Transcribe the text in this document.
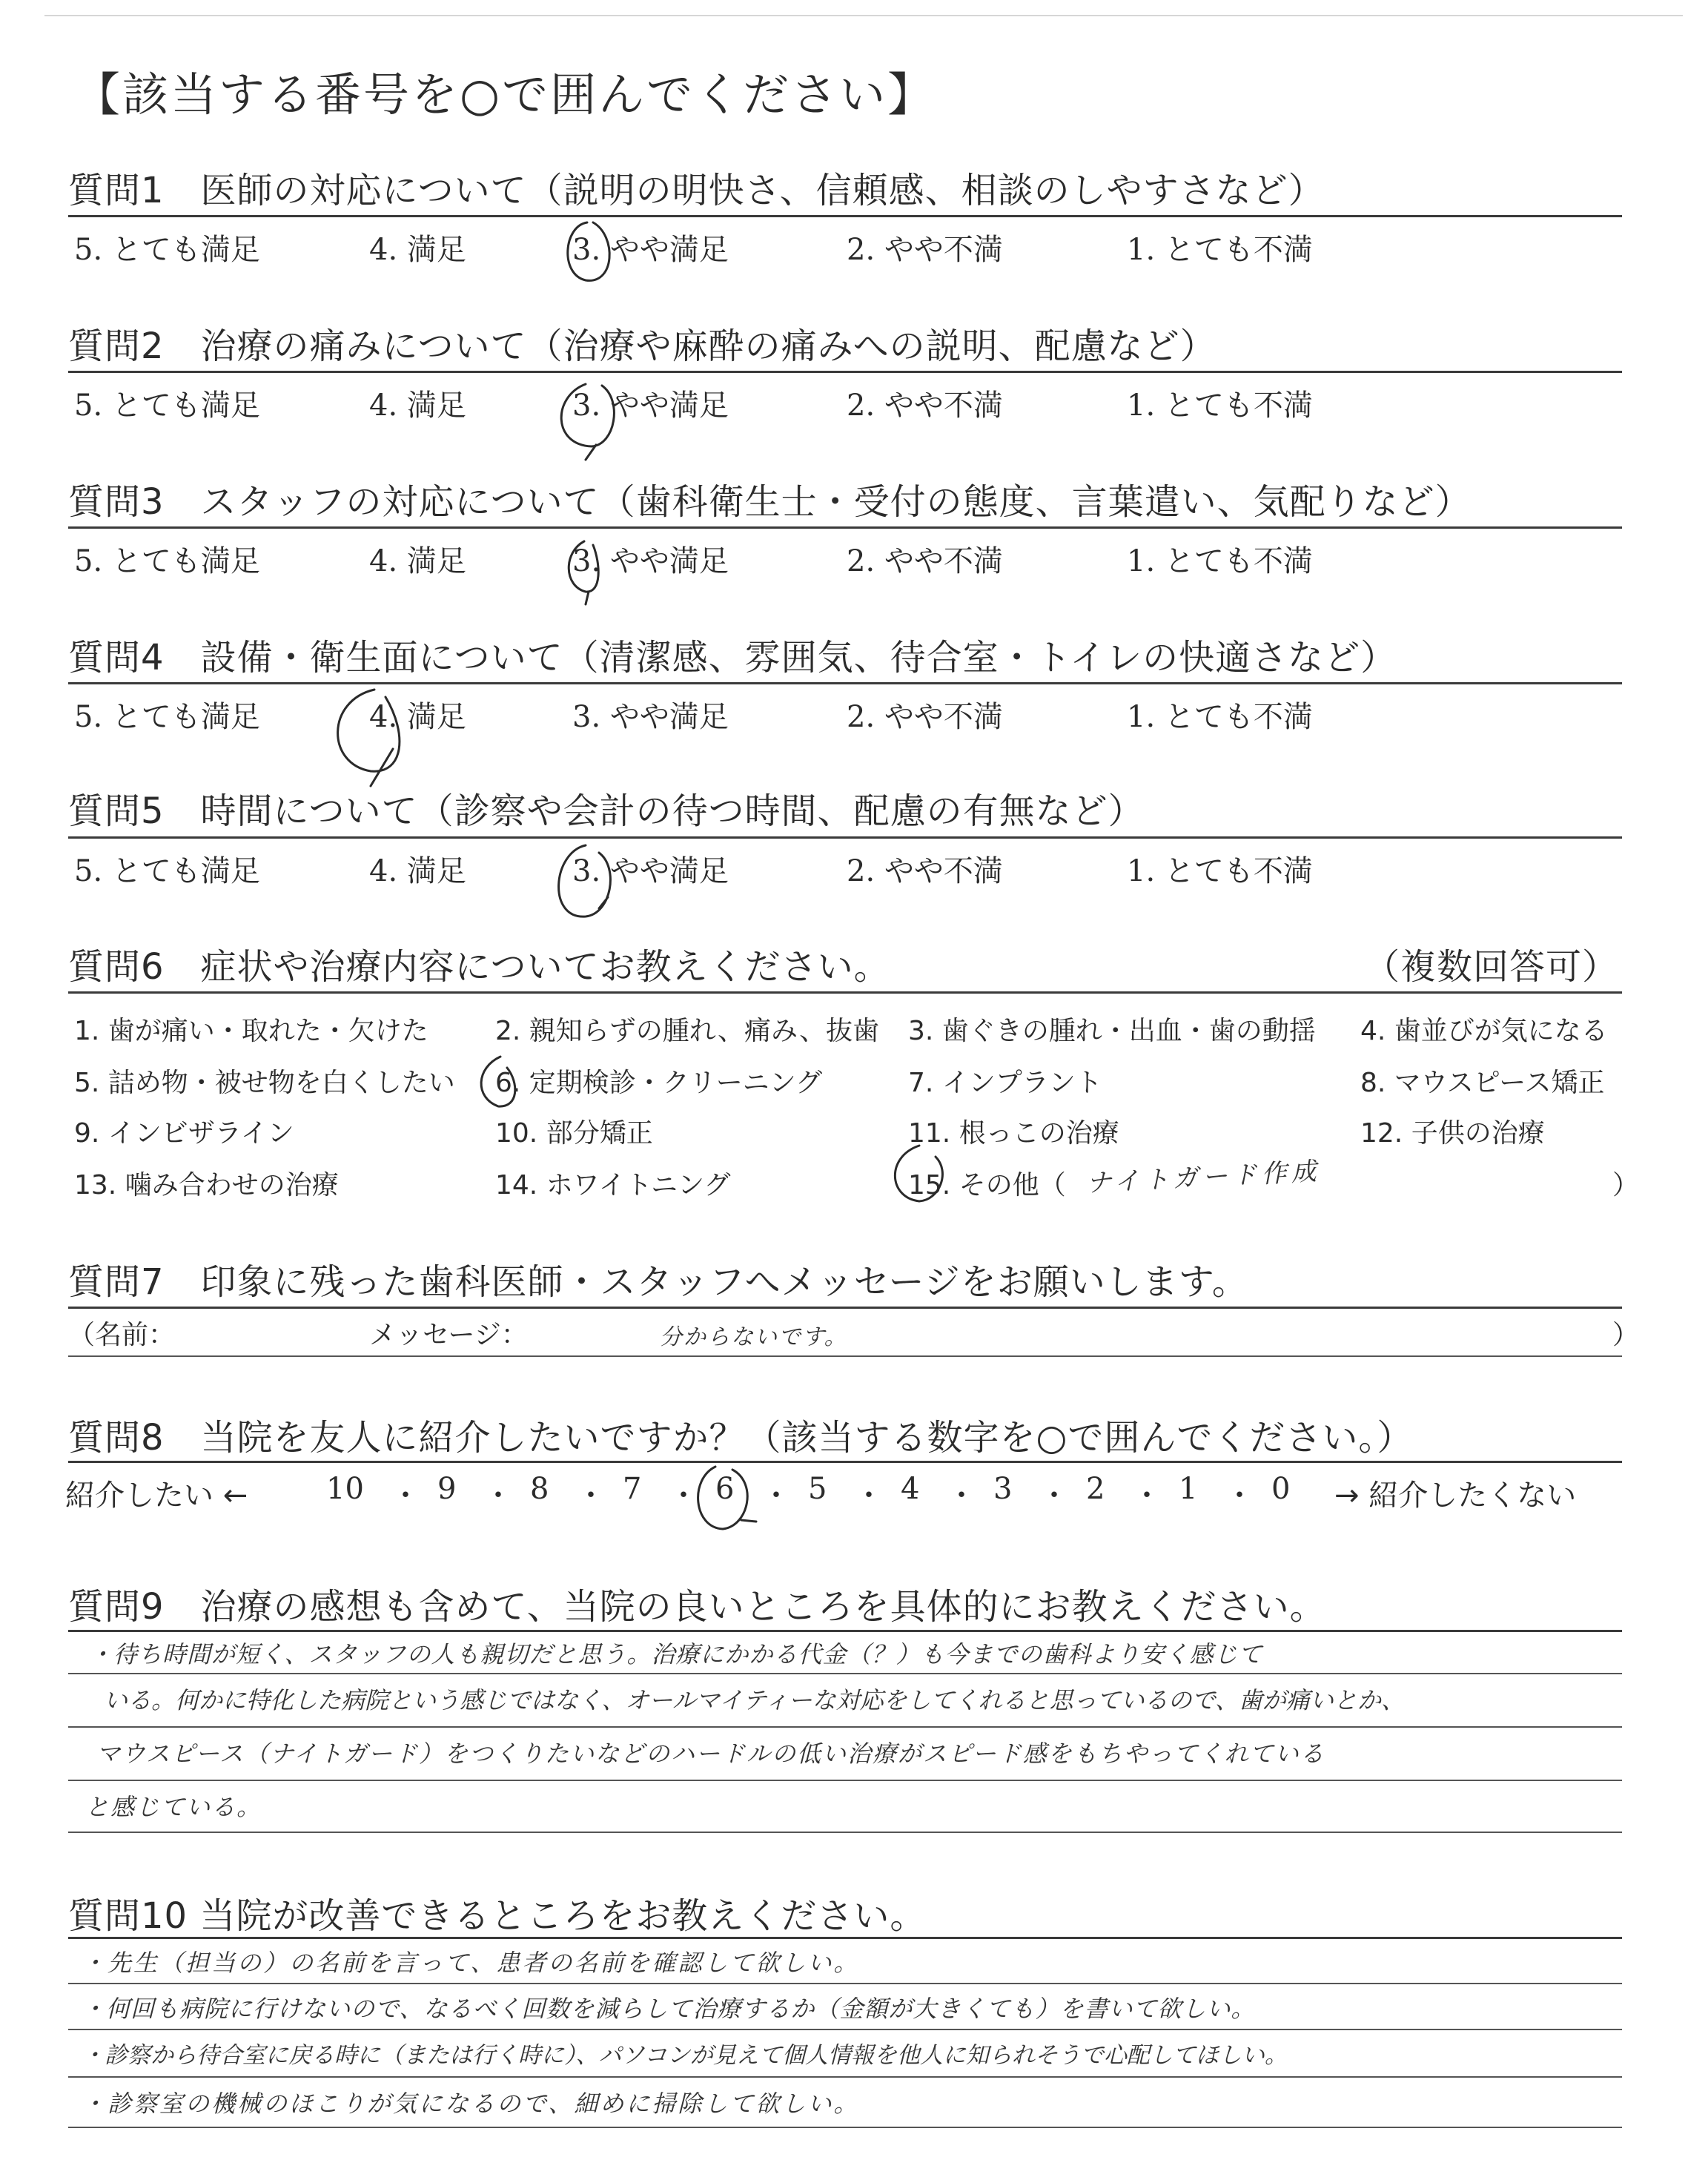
【該当する番号を○で囲んでください】
質問1　医師の対応について（説明の明快さ、信頼感、相談のしやすさなど）
5. とても満足	4. 満足	3. やや満足	2. やや不満	1. とても不満
質問2　治療の痛みについて（治療や麻酔の痛みへの説明、配慮など）
5. とても満足	4. 満足	3. やや満足	2. やや不満	1. とても不満
質問3　スタッフの対応について（歯科衛生士・受付の態度、言葉遣い、気配りなど）
5. とても満足	4. 満足	3. やや満足	2. やや不満	1. とても不満
質問4　設備・衛生面について（清潔感、雰囲気、待合室・トイレの快適さなど）
5. とても満足	4. 満足	3. やや満足	2. やや不満	1. とても不満
質問5　時間について（診察や会計の待つ時間、配慮の有無など）
5. とても満足	4. 満足	3. やや満足	2. やや不満	1. とても不満
質問6　症状や治療内容についてお教えください。	（複数回答可）
1. 歯が痛い・取れた・欠けた	2. 親知らずの腫れ、痛み、抜歯 3. 歯ぐきの腫れ・出血・歯の動揺 4. 歯並びが気になる
5. 詰め物・被せ物を白くしたい 6. 定期検診・クリーニング	7. インプラント	8. マウスピース矯正
9. インビザライン	10. 部分矯正	11. 根っこの治療	12. 子供の治療
13. 噛み合わせの治療	14. ホワイトニング	15. その他（ ナイトガード作成	）
質問7　印象に残った歯科医師・スタッフへメッセージをお願いします。
（名前：	メッセージ：	分からないです。	）
質問8　当院を友人に紹介したいですか？（該当する数字を○で囲んでください。）
紹介したい ←	10 9 8 7 6 5 4 3 2 1 0
・ ・ ・ ・ ・ ・ ・ ・ ・ ・	→ 紹介したくない
質問9　治療の感想も含めて、当院の良いところを具体的にお教えください。
・待ち時間が短く、スタッフの人も親切だと思う。治療にかかる代金（？）も今までの歯科より安く感じて
いる。何かに特化した病院という感じではなく、オールマイティーな対応をしてくれると思っているので、歯が痛いとか、
マウスピース（ナイトガード）をつくりたいなどのハードルの低い治療がスピード感をもちやってくれている
と感じている。
質問10 当院が改善できるところをお教えください。
・先生（担当の）の名前を言って、患者の名前を確認して欲しい。
・何回も病院に行けないので、なるべく回数を減らして治療するか（金額が大きくても）を書いて欲しい。
・診察から待合室に戻る時に（または行く時に）、パソコンが見えて個人情報を他人に知られそうで心配してほしい。
・診察室の機械のほこりが気になるので、細めに掃除して欲しい。
